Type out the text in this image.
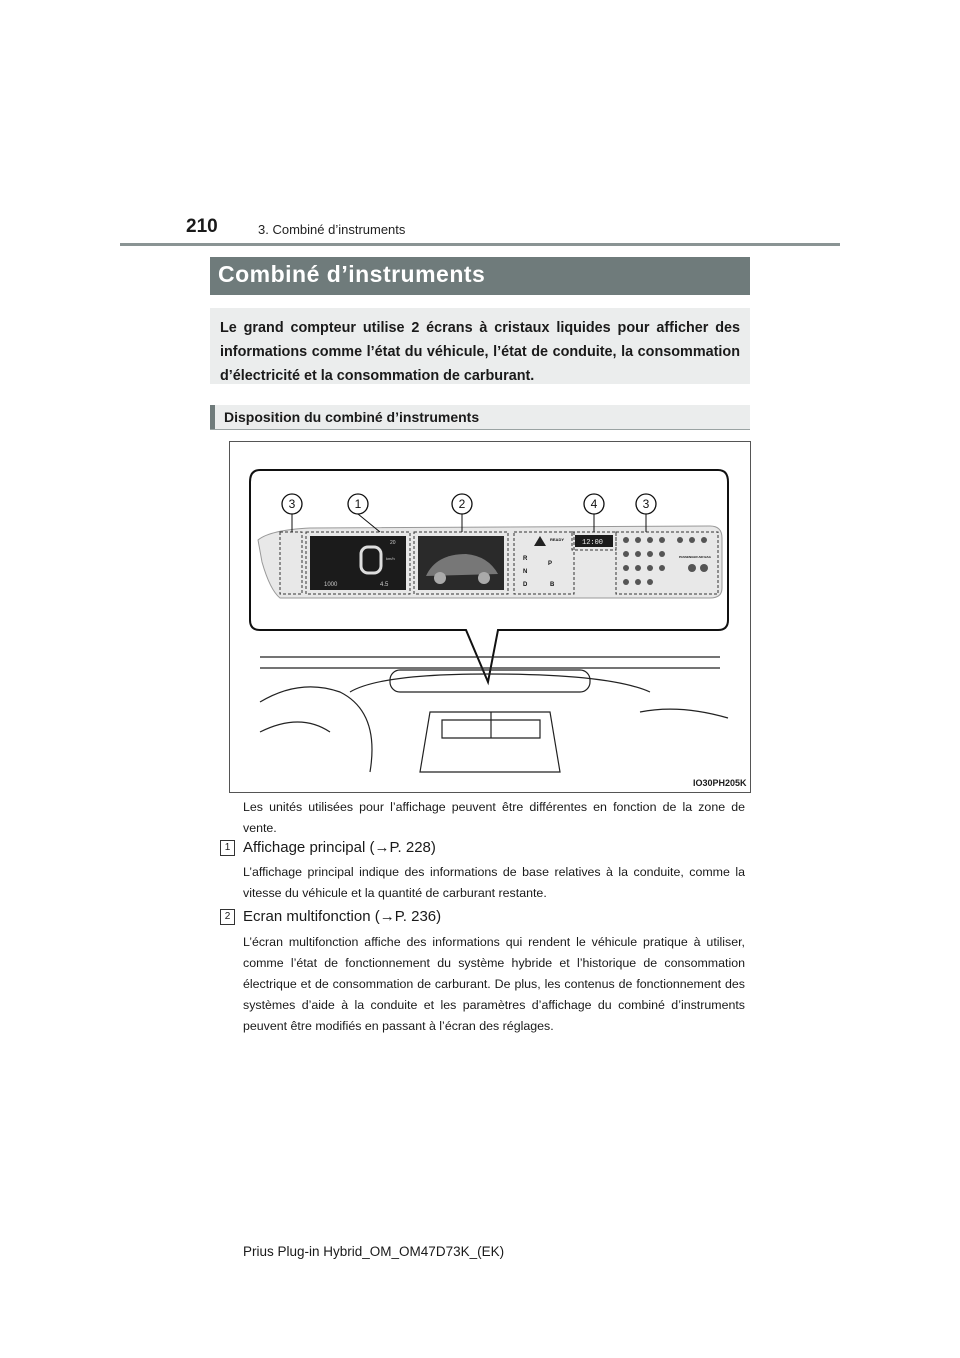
210	3. Combiné d’instruments
Combiné d’instruments

Le grand compteur utilise 2 écrans à cristaux liquides pour afficher des informations comme l’état du véhicule, l’état de conduite, la consommation d’électricité et la consommation de carburant.

Disposition du combiné d’instruments
3	1	2	4	3
0
1000
km/h
4.5
20
READY	12:00
PASSENGER AIR BAG
R
N
D
P
B
IO30PH205K
Les unités utilisées pour l’affichage peuvent être différentes en fonction de la zone de vente.
1 Affichage principal (→P. 228)
L’affichage principal indique des informations de base relatives à la conduite, comme la vitesse du véhicule et la quantité de carburant restante.
2 Ecran multifonction (→P. 236)
L’écran multifonction affiche des informations qui rendent le véhicule pratique à utiliser, comme l’état de fonctionnement du système hybride et l’historique de consommation électrique et de consommation de carburant. De plus, les contenus de fonctionnement des systèmes d’aide à la conduite et les paramètres d’affichage du combiné d’instruments peuvent être modifiés en passant à l’écran des réglages.
Prius Plug-in Hybrid_OM_OM47D73K_(EK)
